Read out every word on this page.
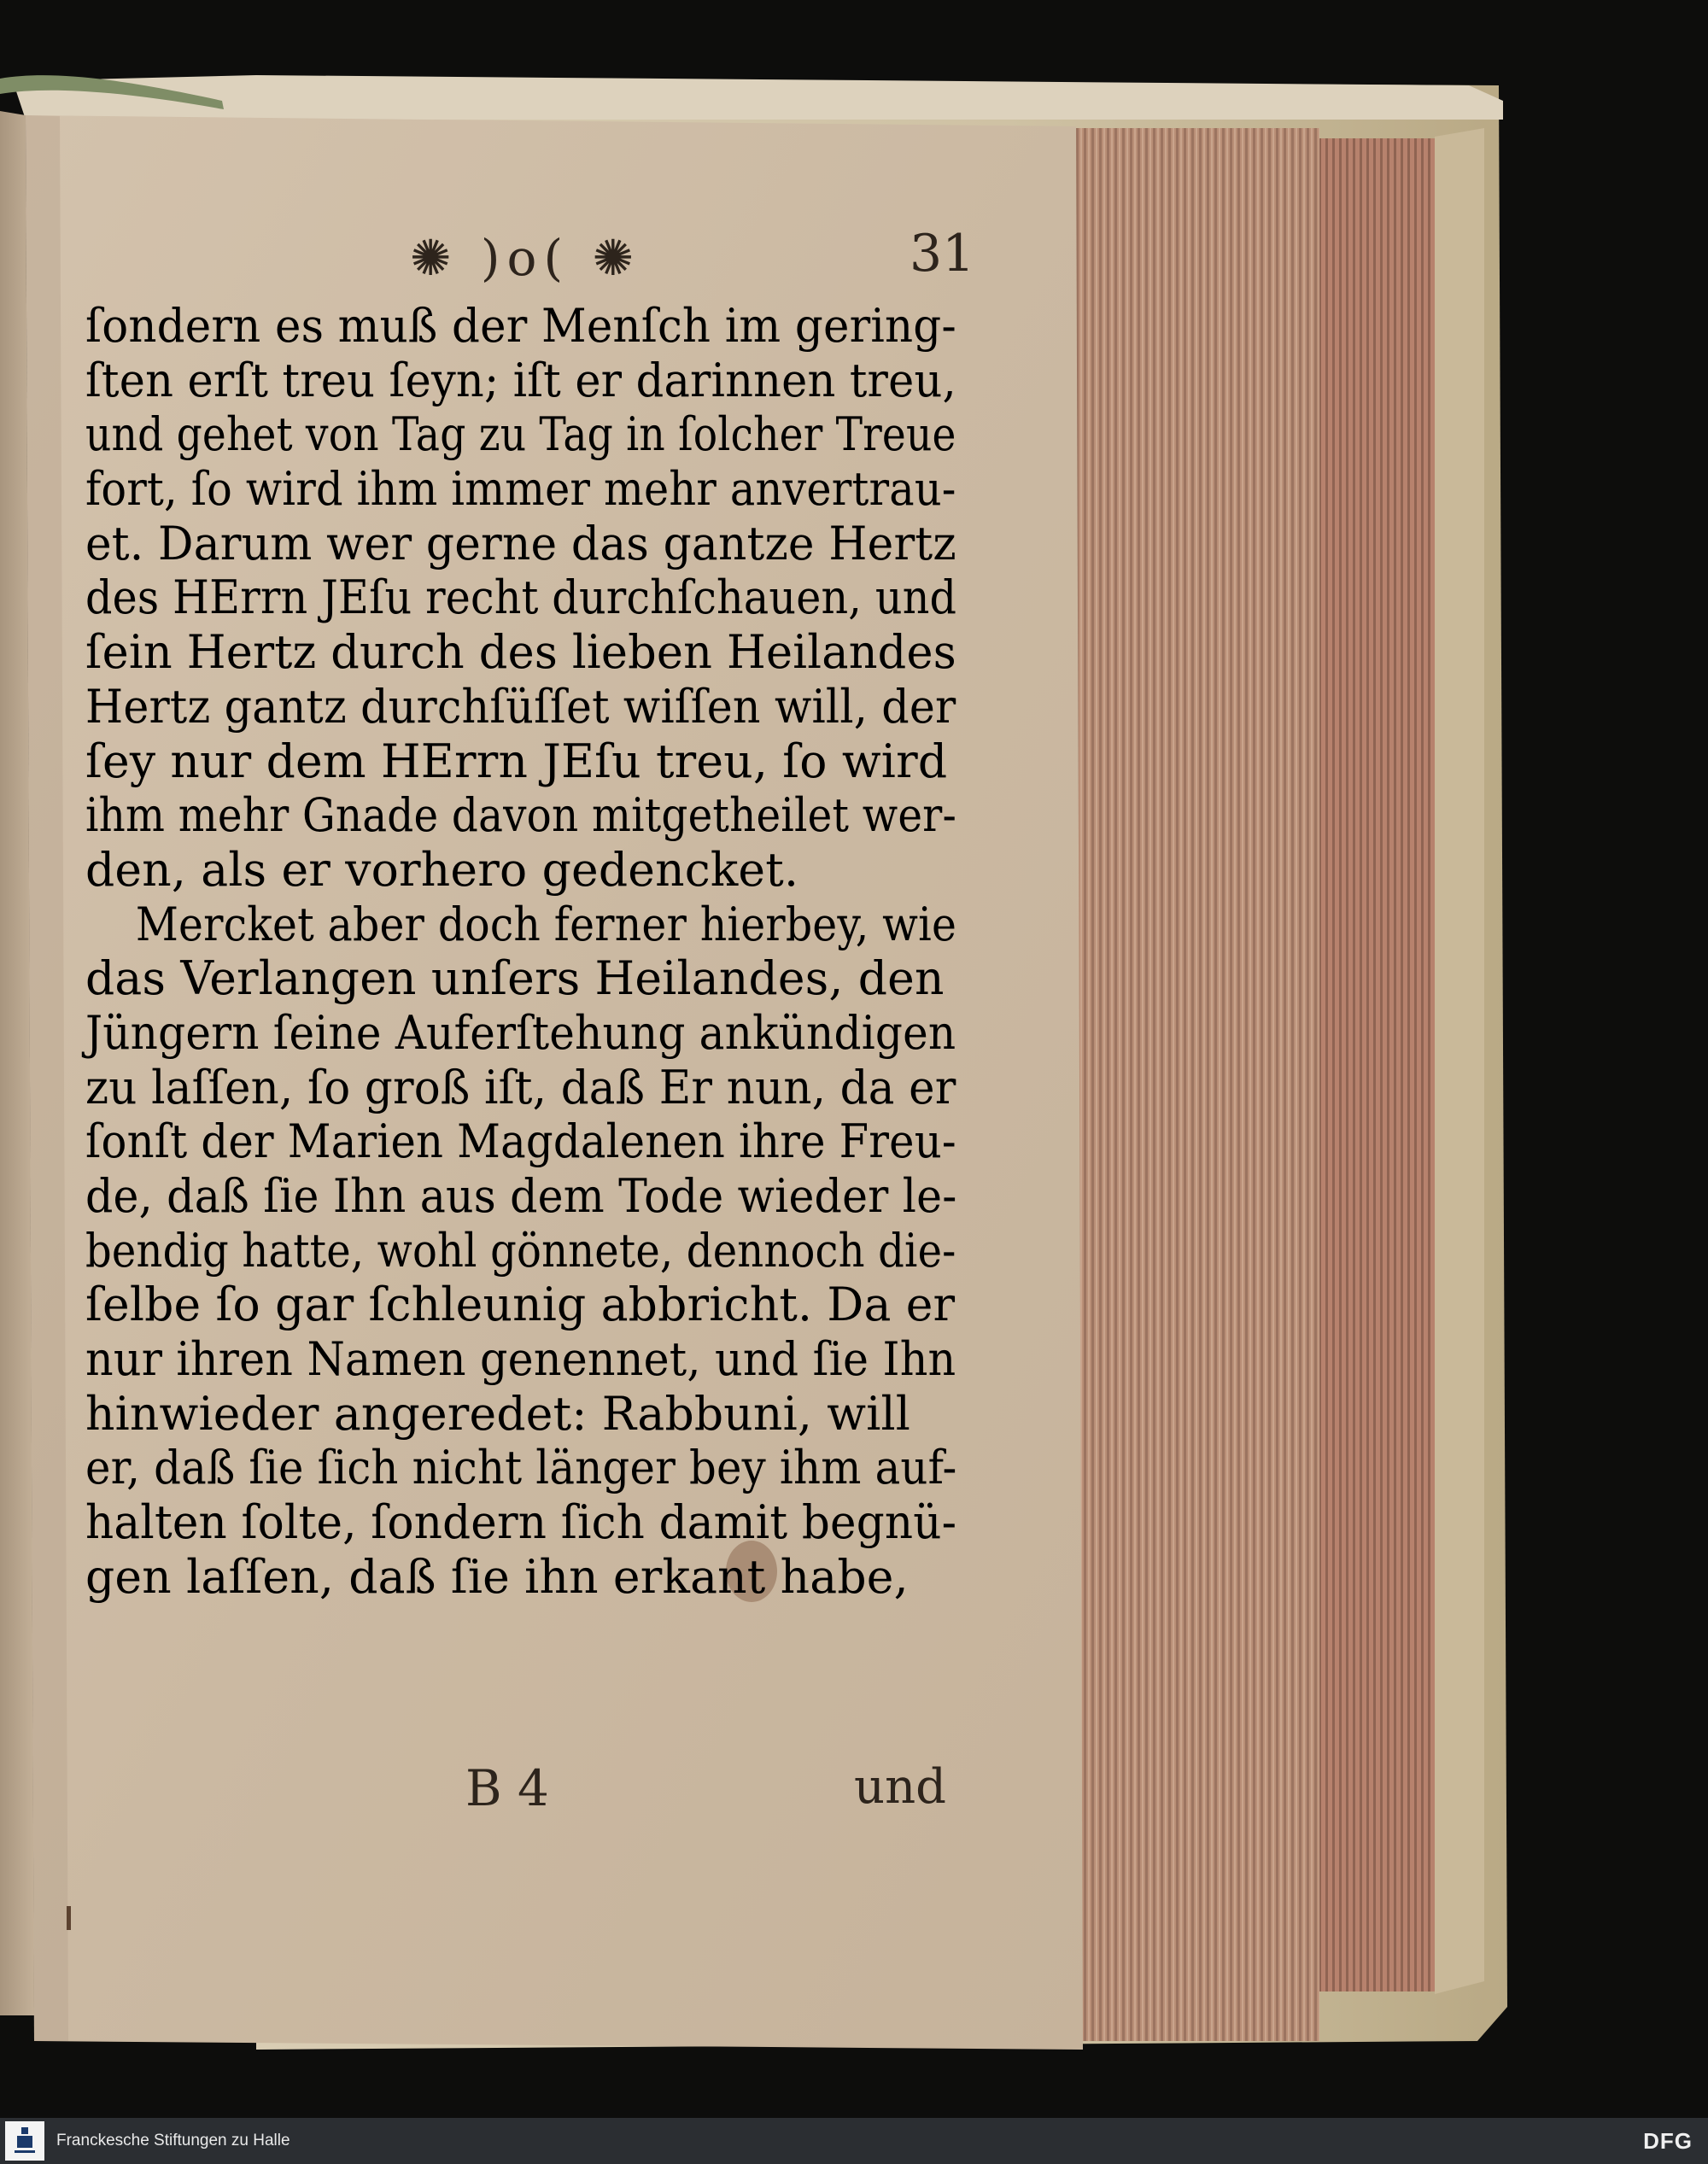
✺ )o( ✺	31
ſondern es muß der Menſch im gering-
ſten erſt treu ſeyn; iſt er darinnen treu,
und gehet von Tag zu Tag in ſolcher Treue
fort, ſo wird ihm immer mehr anvertrau-
et. Darum wer gerne das gantze Hertz
des HErrn JEſu recht durchſchauen, und
ſein Hertz durch des lieben Heilandes
Hertz gantz durchſüſſet wiſſen will, der
ſey nur dem HErrn JEſu treu, ſo wird
ihm mehr Gnade davon mitgetheilet wer-
den, als er vorhero gedencket.
Mercket aber doch ferner hierbey, wie
das Verlangen unſers Heilandes, den
Jüngern ſeine Auferſtehung ankündigen
zu laſſen, ſo groß iſt, daß Er nun, da er
ſonſt der Marien Magdalenen ihre Freu-
de, daß ſie Ihn aus dem Tode wieder le-
bendig hatte, wohl gönnete, dennoch die-
ſelbe ſo gar ſchleunig abbricht. Da er
nur ihren Namen genennet, und ſie Ihn
hinwieder angeredet: Rabbuni, will
er, daß ſie ſich nicht länger bey ihm auf-
halten ſolte, ſondern ſich damit begnü-
gen laſſen, daß ſie ihn erkant habe,
B 4	und
Franckesche Stiftungen zu Halle	DFG
